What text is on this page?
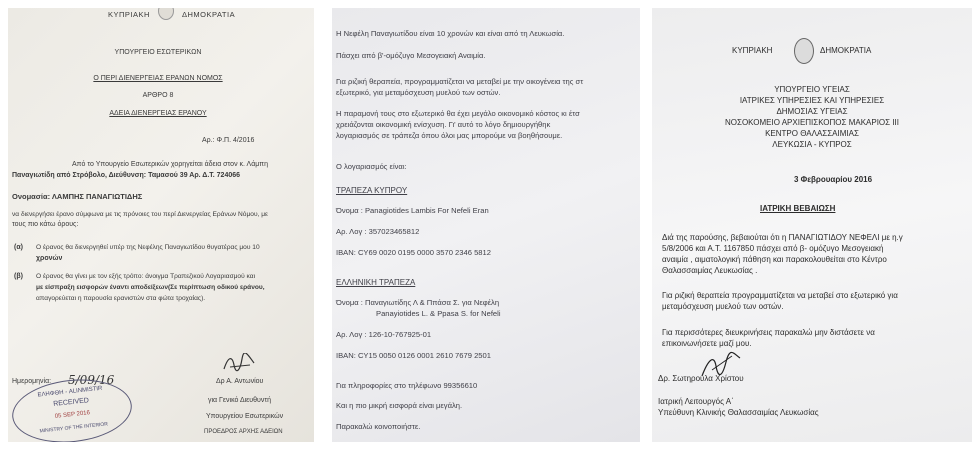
ΚΥΠΡΙΑΚΗ	ΔΗΜΟΚΡΑΤΙΑ
ΥΠΟΥΡΓΕΙΟ ΕΣΩΤΕΡΙΚΩΝ
Ο ΠΕΡΙ ΔΙΕΝΕΡΓΕΙΑΣ ΕΡΑΝΩΝ ΝΟΜΟΣ
ΑΡΘΡΟ 8
ΑΔΕΙΑ ΔΙΕΝΕΡΓΕΙΑΣ ΕΡΑΝΟΥ
Αρ.: Φ.Π. 4/2016
Από το Υπουργείο Εσωτερικών χορηγείται άδεια στον κ. Λάμπη
Παναγιωτίδη από Στρόβολο, Διεύθυνση: Ταμασού 39 Αρ. Δ.Τ. 724066
Ονομασία: ΛΑΜΠΗΣ ΠΑΝΑΓΙΩΤΙΔΗΣ
να διενεργήσει έρανο σύμφωνα με τις πρόνοιες του περί Διενεργείας Εράνων Νόμου, με
τους πιο κάτω όρους:
(α) Ο έρανος θα διενεργηθεί υπέρ της Νεφέλης Παναγιωτίδου θυγατέρας μου 10
χρονών
(β) Ο έρανος θα γίνει με τον εξής τρόπο: άνοιγμα Τραπεζικού Λογαριασμού και
με είσπραξη εισφορών έναντι αποδείξεων(Σε περίπτωση οδικού εράνου,
απαγορεύεται η παρουσία ερανιστών στα φώτα τροχαίας).
Ημερομηνία: 5/09/16	Δρ Α. Αντωνίου
για Γενικό Διευθυντή
Υπουργείου Εσωτερικών
ΠΡΟΕΔΡΟΣ ΑΡΧΗΣ ΑΔΕΙΩΝ
ΕΛΗΦΘΗ - ALINMISTIR
RECEIVED
05 SEP 2016
MINISTRY OF THE INTERIOR
Η Νεφέλη Παναγιωτίδου είναι 10 χρονών και είναι από τη Λευκωσία.
Πάσχει από β'-ομόζυγο Μεσογειακή Αναιμία.
Για ριζική θεραπεία, προγραμματίζεται να μεταβεί με την οικογένεια της στ
εξωτερικό, για μεταμόσχευση μυελού των οστών.
Η παραμονή τους στο εξωτερικό θα έχει μεγάλο οικονομικό κόστος κι έτσ
χρειάζονται οικονομική ενίσχυση. Γι' αυτό το λόγο δημιουργήθηκ
λογαριασμός σε τράπεζα όπου όλοι μας μπορούμε να βοηθήσουμε.
Ο λογαριασμός είναι:
ΤΡΑΠΕΖΑ ΚΥΠΡΟΥ
Όνομα : Panagiotides Lambis For Nefeli Eran
Αρ. Λογ : 357023465812
IBAN: CY69 0020 0195 0000 3570 2346 5812
ΕΛΛΗΝΙΚΗ ΤΡΑΠΕΖΑ
Όνομα : Παναγιωτίδης Λ & Ππάσα Σ. για Νεφέλη
Panayiotides L. & Ppasa S. for Nefeli
Αρ. Λογ : 126-10-767925-01
IBAN: CY15 0050 0126 0001 2610 7679 2501
Για πληροφορίες στο τηλέφωνο 99356610
Και η πιο μικρή εισφορά είναι μεγάλη.
Παρακαλώ κοινοποιήστε.
ΚΥΠΡΙΑΚΗ	ΔΗΜΟΚΡΑΤΙΑ
ΥΠΟΥΡΓΕΙΟ ΥΓΕΙΑΣ
ΙΑΤΡΙΚΕΣ ΥΠΗΡΕΣΙΕΣ ΚΑΙ ΥΠΗΡΕΣΙΕΣ
ΔΗΜΟΣΙΑΣ ΥΓΕΙΑΣ
ΝΟΣΟΚΟΜΕΙΟ ΑΡΧΙΕΠΙΣΚΟΠΟΣ ΜΑΚΑΡΙΟΣ ΙΙΙ
ΚΕΝΤΡΟ ΘΑΛΑΣΣΑΙΜΙΑΣ
ΛΕΥΚΩΣΙΑ - ΚΥΠΡΟΣ
3 Φεβρουαρίου 2016
ΙΑΤΡΙΚΗ ΒΕΒΑΙΩΣΗ
Διά της παρούσης, βεβαιούται ότι η ΠΑΝΑΓΙΩΤΙΔΟΥ ΝΕΦΕΛΙ με η.γ
5/8/2006 και Α.Τ. 1167850 πάσχει από β- ομόζυγο Μεσογειακή
αναιμία , αιματολογική πάθηση και παρακολουθείται στο Κέντρο
Θαλασσαιμίας Λευκωσίας .
Για ριζική θεραπεία προγραμματίζεται να μεταβεί στο εξωτερικό για
μεταμόσχευση μυελού των οστών.
Για περισσότερες διευκρινήσεις παρακαλώ μην διστάσετε να
επικοινωνήσετε μαζί μου.
Δρ. Σωτηρούλα Χρίστου
Ιατρική Λειτουργός Α΄
Υπεύθυνη Κλινικής Θαλασσαιμίας Λευκωσίας
